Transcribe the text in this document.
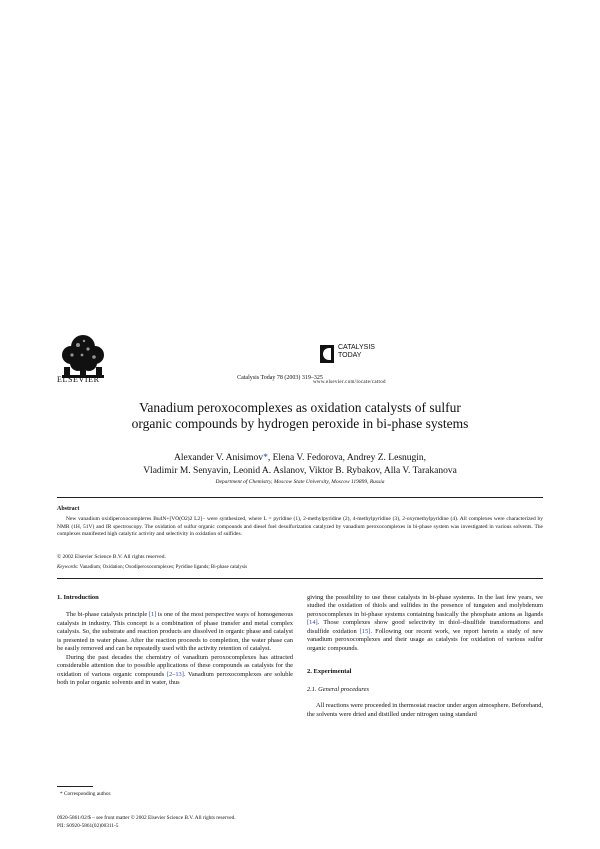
ELSEVIER	Catalysis Today 78 (2003) 319–325
CATALYSIS
TODAY
www.elsevier.com/locate/cattod
Vanadium peroxocomplexes as oxidation catalysts of sulfur organic compounds by hydrogen peroxide in bi-phase systems
Alexander V. Anisimov*, Elena V. Fedorova, Andrey Z. Lesnugin,
Vladimir M. Senyavin, Leonid A. Aslanov, Viktor B. Rybakov, Alla V. Tarakanova
Department of Chemistry, Moscow State University, Moscow 119899, Russia
Abstract
New vanadium oxidiperoxocompleтes Bu4N+[VO(O2)2 L2]− were synthesized, where L = pyridine (1), 2-methylpyridine (2), 4-methylpyridine (3), 2-oxymethylpyridine (4). All complexes were characterized by NMR (1H, 51V) and IR spectroscopy. The oxidation of sulfur organic compounds and diesel fuel desulfurization catalyzed by vanadium peroxocomplexes in bi-phase system was investigated in various solvents. The complexes manifested high catalytic activity and selectivity in oxidation of sulfides.
© 2002 Elsevier Science B.V. All rights reserved.
Keywords: Vanadium; Oxidation; Oxodiperoxocomplexes; Pyridine ligands; Bi-phase catalysis
1. Introduction

The bi-phase catalysis principle [1] is one of the most perspective ways of homogeneous catalysis in industry. This concept is a combination of phase transfer and metal complex catalysis. So, the substrate and reaction products are dissolved in organic phase and catalyst is presented in water phase. After the reaction proceeds to completion, the water phase can be easily removed and can be repeatedly used with the activity retention of catalyst.

During the past decades the chemistry of vanadium peroxocomplexes has attracted considerable attention due to possible applications of these compounds as catalysts for the oxidation of various organic compounds [2–13]. Vanadium peroxocomplexes are soluble both in polar organic solvents and in water, thus

giving the possibility to use these catalysts in bi-phase systems. In the last few years, we studied the oxidation of thiols and sulfides in the presence of tungsten and molybdenum peroxocomplexes in bi-phase systems containing basically the phosphate anions as ligands [14]. Those complexes show good selectivity in thiol–disulfide transformations and disulfide oxidation [15]. Following our recent work, we report herein a study of new vanadium peroxocomplexes and their usage as catalysts for oxidation of various sulfur organic compounds.

2. Experimental
2.1. General procedures

All reactions were proceeded in thermostat reactor under argon atmosphere. Beforehand, the solvents were dried and distilled under nitrogen using standard

* Corresponding author.
0920-5861/02/$ – see front matter © 2002 Elsevier Science B.V. All rights reserved.
PII: S0920-5861(02)00311-5
